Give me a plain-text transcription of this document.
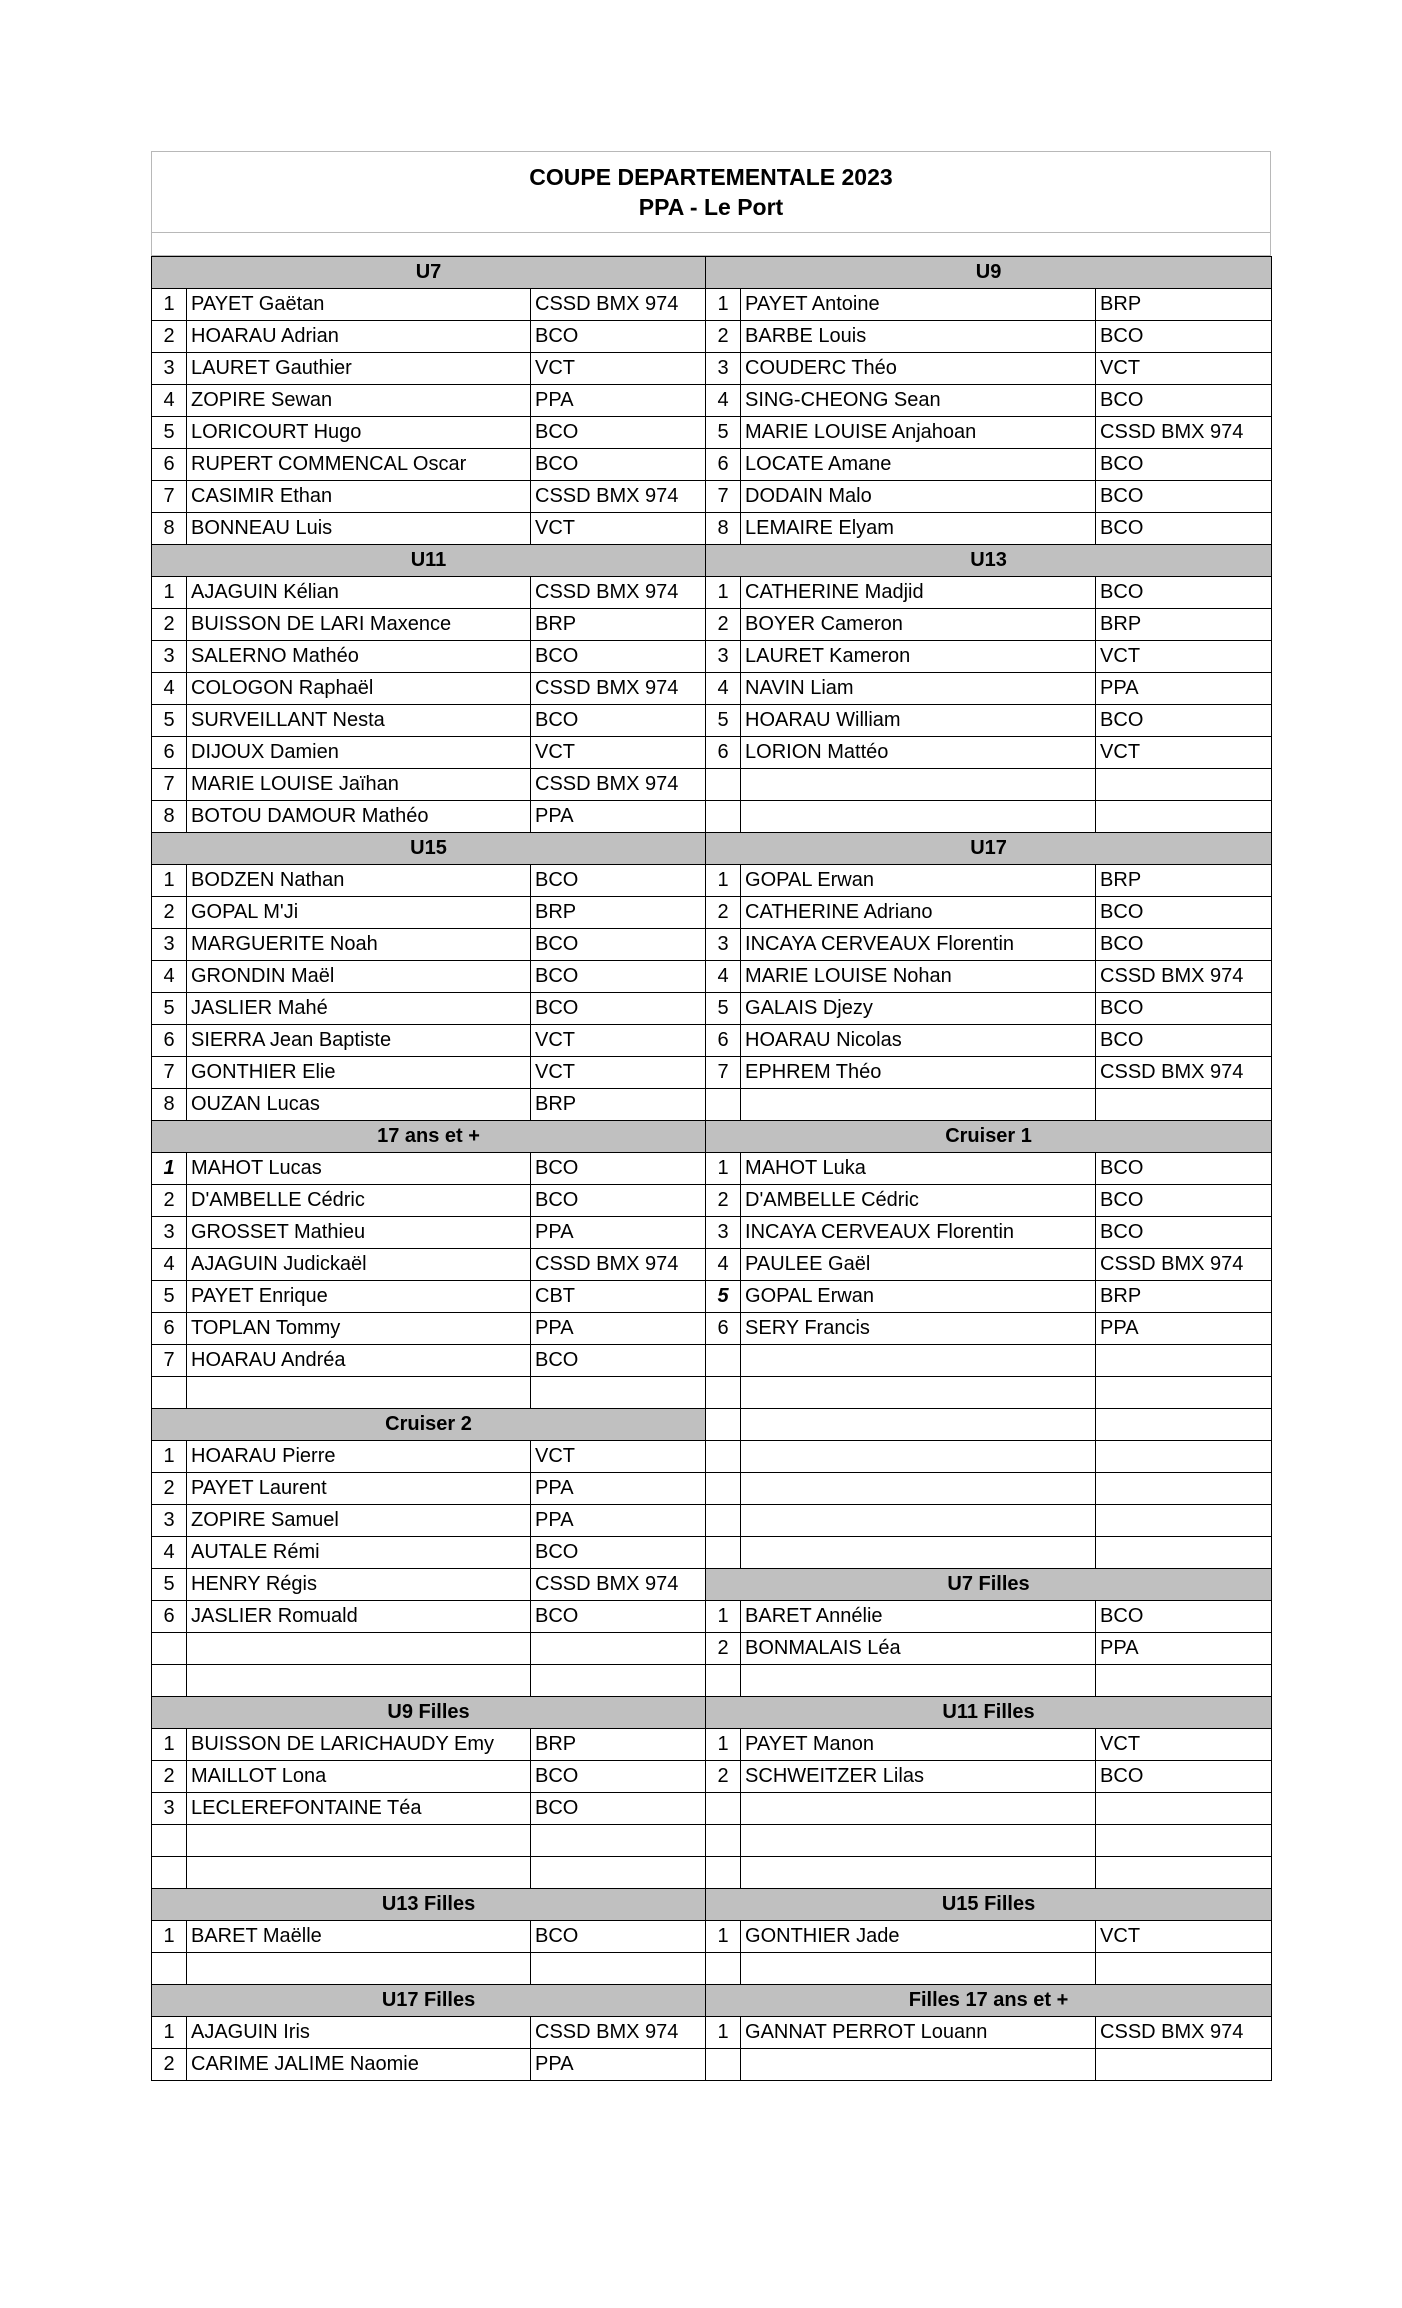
COUPE DEPARTEMENTALE 2023
PPA - Le Port
U7			U9		
1	PAYET Gaëtan	CSSD BMX 974	1	PAYET Antoine	BRP
2	HOARAU Adrian	BCO	2	BARBE Louis	BCO
3	LAURET Gauthier	VCT	3	COUDERC Théo	VCT
4	ZOPIRE Sewan	PPA	4	SING-CHEONG Sean	BCO
5	LORICOURT Hugo	BCO	5	MARIE LOUISE Anjahoan	CSSD BMX 974
6	RUPERT COMMENCAL Oscar	BCO	6	LOCATE Amane	BCO
7	CASIMIR Ethan	CSSD BMX 974	7	DODAIN Malo	BCO
8	BONNEAU Luis	VCT	8	LEMAIRE Elyam	BCO
U11			U13		
1	AJAGUIN Kélian	CSSD BMX 974	1	CATHERINE Madjid	BCO
2	BUISSON DE LARI Maxence	BRP	2	BOYER Cameron	BRP
3	SALERNO Mathéo	BCO	3	LAURET Kameron	VCT
4	COLOGON Raphaël	CSSD BMX 974	4	NAVIN Liam	PPA
5	SURVEILLANT Nesta	BCO	5	HOARAU William	BCO
6	DIJOUX Damien	VCT	6	LORION Mattéo	VCT
7	MARIE LOUISE Jaïhan	CSSD BMX 974			
8	BOTOU DAMOUR Mathéo	PPA			
U15			U17		
1	BODZEN Nathan	BCO	1	GOPAL Erwan	BRP
2	GOPAL M'Ji	BRP	2	CATHERINE Adriano	BCO
3	MARGUERITE Noah	BCO	3	INCAYA CERVEAUX Florentin	BCO
4	GRONDIN Maël	BCO	4	MARIE LOUISE Nohan	CSSD BMX 974
5	JASLIER Mahé	BCO	5	GALAIS Djezy	BCO
6	SIERRA Jean Baptiste	VCT	6	HOARAU Nicolas	BCO
7	GONTHIER Elie	VCT	7	EPHREM Théo	CSSD BMX 974
8	OUZAN Lucas	BRP			
17 ans et +			Cruiser 1		
1	MAHOT Lucas	BCO	1	MAHOT Luka	BCO
2	D'AMBELLE Cédric	BCO	2	D'AMBELLE Cédric	BCO
3	GROSSET Mathieu	PPA	3	INCAYA CERVEAUX Florentin	BCO
4	AJAGUIN Judickaël	CSSD BMX 974	4	PAULEE Gaël	CSSD BMX 974
5	PAYET Enrique	CBT	5	GOPAL Erwan	BRP
6	TOPLAN Tommy	PPA	6	SERY Francis	PPA
7	HOARAU Andréa	BCO			

Cruiser 2					
1	HOARAU Pierre	VCT			
2	PAYET Laurent	PPA			
3	ZOPIRE Samuel	PPA			
4	AUTALE Rémi	BCO			
5	HENRY Régis	CSSD BMX 974	U7 Filles		
6	JASLIER Romuald	BCO	1	BARET Annélie	BCO
			2	BONMALAIS Léa	PPA

U9 Filles			U11 Filles		
1	BUISSON DE LARICHAUDY Emy	BRP	1	PAYET Manon	VCT
2	MAILLOT Lona	BCO	2	SCHWEITZER Lilas	BCO
3	LECLEREFONTAINE Téa	BCO			

U13 Filles			U15 Filles		
1	BARET Maëlle	BCO	1	GONTHIER Jade	VCT

U17 Filles			Filles 17 ans et +		
1	AJAGUIN Iris	CSSD BMX 974	1	GANNAT PERROT Louann	CSSD BMX 974
2	CARIME JALIME Naomie	PPA			
